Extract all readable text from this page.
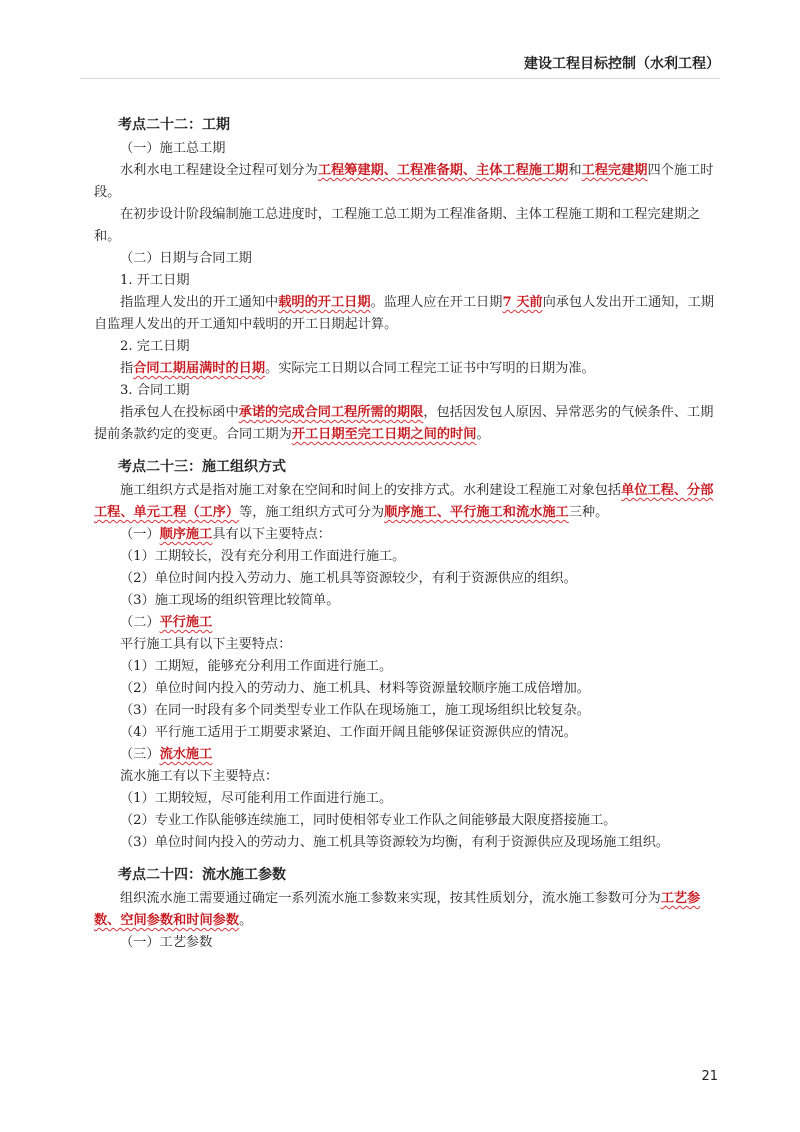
建设工程目标控制（水利工程）

考点二十二：工期

（一）施工总工期

水利水电工程建设全过程可划分为工程筹建期、工程准备期、主体工程施工期和工程完建期四个施工时段。

在初步设计阶段编制施工总进度时，工程施工总工期为工程准备期、主体工程施工期和工程完建期之和。

（二）日期与合同工期

1. 开工日期

指监理人发出的开工通知中载明的开工日期。监理人应在开工日期7 天前向承包人发出开工通知，工期自监理人发出的开工通知中载明的开工日期起计算。

2. 完工日期

指合同工期届满时的日期。实际完工日期以合同工程完工证书中写明的日期为准。

3. 合同工期

指承包人在投标函中承诺的完成合同工程所需的期限，包括因发包人原因、异常恶劣的气候条件、工期提前条款约定的变更。合同工期为开工日期至完工日期之间的时间。

考点二十三：施工组织方式

施工组织方式是指对施工对象在空间和时间上的安排方式。水利建设工程施工对象包括单位工程、分部工程、单元工程（工序）等，施工组织方式可分为顺序施工、平行施工和流水施工三种。

（一）顺序施工具有以下主要特点：

（1）工期较长，没有充分利用工作面进行施工。

（2）单位时间内投入劳动力、施工机具等资源较少，有利于资源供应的组织。

（3）施工现场的组织管理比较简单。

（二）平行施工

平行施工具有以下主要特点：

（1）工期短，能够充分利用工作面进行施工。

（2）单位时间内投入的劳动力、施工机具、材料等资源量较顺序施工成倍增加。

（3）在同一时段有多个同类型专业工作队在现场施工，施工现场组织比较复杂。

（4）平行施工适用于工期要求紧迫、工作面开阔且能够保证资源供应的情况。

（三）流水施工

流水施工有以下主要特点：

（1）工期较短，尽可能利用工作面进行施工。

（2）专业工作队能够连续施工，同时使相邻专业工作队之间能够最大限度搭接施工。

（3）单位时间内投入的劳动力、施工机具等资源较为均衡，有利于资源供应及现场施工组织。

考点二十四：流水施工参数

组织流水施工需要通过确定一系列流水施工参数来实现，按其性质划分，流水施工参数可分为工艺参数、空间参数和时间参数。

（一）工艺参数

21
